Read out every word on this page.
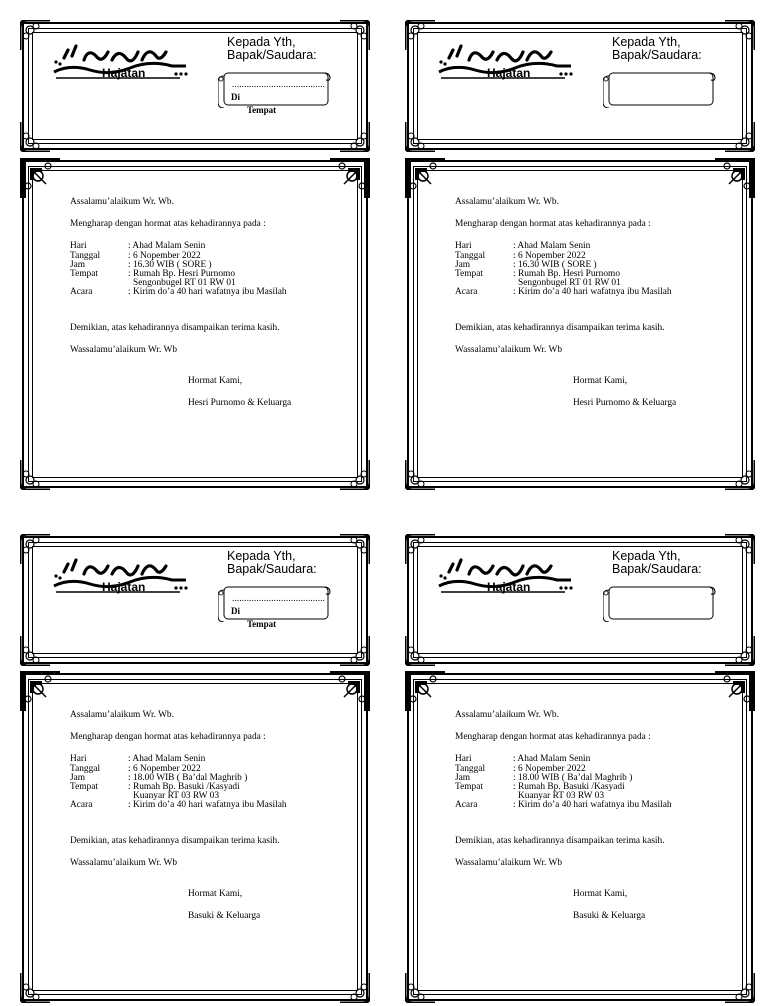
Hajatan
Kepada Yth,
Bapak/Saudara:
......................................
Di
Tempat

Assalamu’alaikum Wr. Wb.

Mengharap dengan hormat atas kehadirannya pada :

Hari	: Ahad Malam Senin
Tanggal	: 6 Nopember 2022
Jam	: 16.30 WIB ( SORE )
Tempat	: Rumah Bp. Hesri Purnomo
Sengonbugel RT 01 RW 01
Acara	: Kirim do’a 40 hari wafatnya ibu Masilah

Demikian, atas kehadirannya disampaikan terima kasih.

Wassalamu’alaikum Wr. Wb

Hormat Kami,

Hesri Purnomo & Keluarga

Hajatan
Kepada Yth,
Bapak/Saudara:

Assalamu’alaikum Wr. Wb.

Mengharap dengan hormat atas kehadirannya pada :

Hari	: Ahad Malam Senin
Tanggal	: 6 Nopember 2022
Jam	: 16.30 WIB ( SORE )
Tempat	: Rumah Bp. Hesri Purnomo
Sengonbugel RT 01 RW 01
Acara	: Kirim do’a 40 hari wafatnya ibu Masilah

Demikian, atas kehadirannya disampaikan terima kasih.

Wassalamu’alaikum Wr. Wb

Hormat Kami,

Hesri Purnomo & Keluarga

Hajatan
Kepada Yth,
Bapak/Saudara:
......................................
Di
Tempat

Assalamu’alaikum Wr. Wb.

Mengharap dengan hormat atas kehadirannya pada :

Hari	: Ahad Malam Senin
Tanggal	: 6 Nopember 2022
Jam	: 18.00 WIB ( Ba’dal Maghrib )
Tempat	: Rumah Bp. Basuki /Kasyadi
Kuanyar RT 03 RW 03
Acara	: Kirim do’a 40 hari wafatnya ibu Masilah

Demikian, atas kehadirannya disampaikan terima kasih.

Wassalamu’alaikum Wr. Wb

Hormat Kami,

Basuki & Keluarga

Hajatan
Kepada Yth,
Bapak/Saudara:

Assalamu’alaikum Wr. Wb.

Mengharap dengan hormat atas kehadirannya pada :

Hari	: Ahad Malam Senin
Tanggal	: 6 Nopember 2022
Jam	: 18.00 WIB ( Ba’dal Maghrib )
Tempat	: Rumah Bp. Basuki /Kasyadi
Kuanyar RT 03 RW 03
Acara	: Kirim do’a 40 hari wafatnya ibu Masilah

Demikian, atas kehadirannya disampaikan terima kasih.

Wassalamu’alaikum Wr. Wb

Hormat Kami,

Basuki & Keluarga
